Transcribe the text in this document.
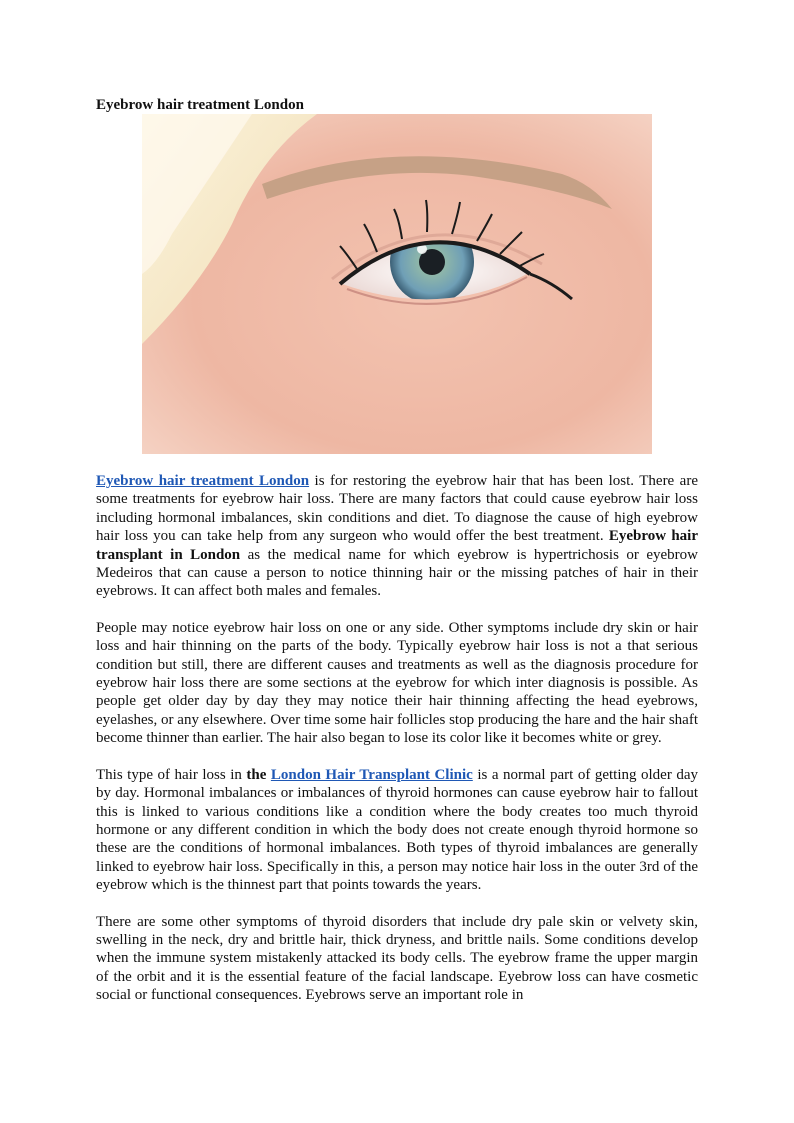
Eyebrow hair treatment London

Eyebrow hair treatment London is for restoring the eyebrow hair that has been lost. There are some treatments for eyebrow hair loss. There are many factors that could cause eyebrow hair loss including hormonal imbalances, skin conditions and diet. To diagnose the cause of high eyebrow hair loss you can take help from any surgeon who would offer the best treatment. Eyebrow hair transplant in London as the medical name for which eyebrow is hypertrichosis or eyebrow Medeiros that can cause a person to notice thinning hair or the missing patches of hair in their eyebrows. It can affect both males and females.

People may notice eyebrow hair loss on one or any side. Other symptoms include dry skin or hair loss and hair thinning on the parts of the body. Typically eyebrow hair loss is not a that serious condition but still, there are different causes and treatments as well as the diagnosis procedure for eyebrow hair loss there are some sections at the eyebrow for which inter diagnosis is possible. As people get older day by day they may notice their hair thinning affecting the head eyebrows, eyelashes, or any elsewhere. Over time some hair follicles stop producing the hare and the hair shaft become thinner than earlier. The hair also began to lose its color like it becomes white or grey.

This type of hair loss in the London Hair Transplant Clinic is a normal part of getting older day by day. Hormonal imbalances or imbalances of thyroid hormones can cause eyebrow hair to fallout this is linked to various conditions like a condition where the body creates too much thyroid hormone or any different condition in which the body does not create enough thyroid hormone so these are the conditions of hormonal imbalances. Both types of thyroid imbalances are generally linked to eyebrow hair loss. Specifically in this, a person may notice hair loss in the outer 3rd of the eyebrow which is the thinnest part that points towards the years.

There are some other symptoms of thyroid disorders that include dry pale skin or velvety skin, swelling in the neck, dry and brittle hair, thick dryness, and brittle nails. Some conditions develop when the immune system mistakenly attacked its body cells. The eyebrow frame the upper margin of the orbit and it is the essential feature of the facial landscape. Eyebrow loss can have cosmetic social or functional consequences. Eyebrows serve an important role in
